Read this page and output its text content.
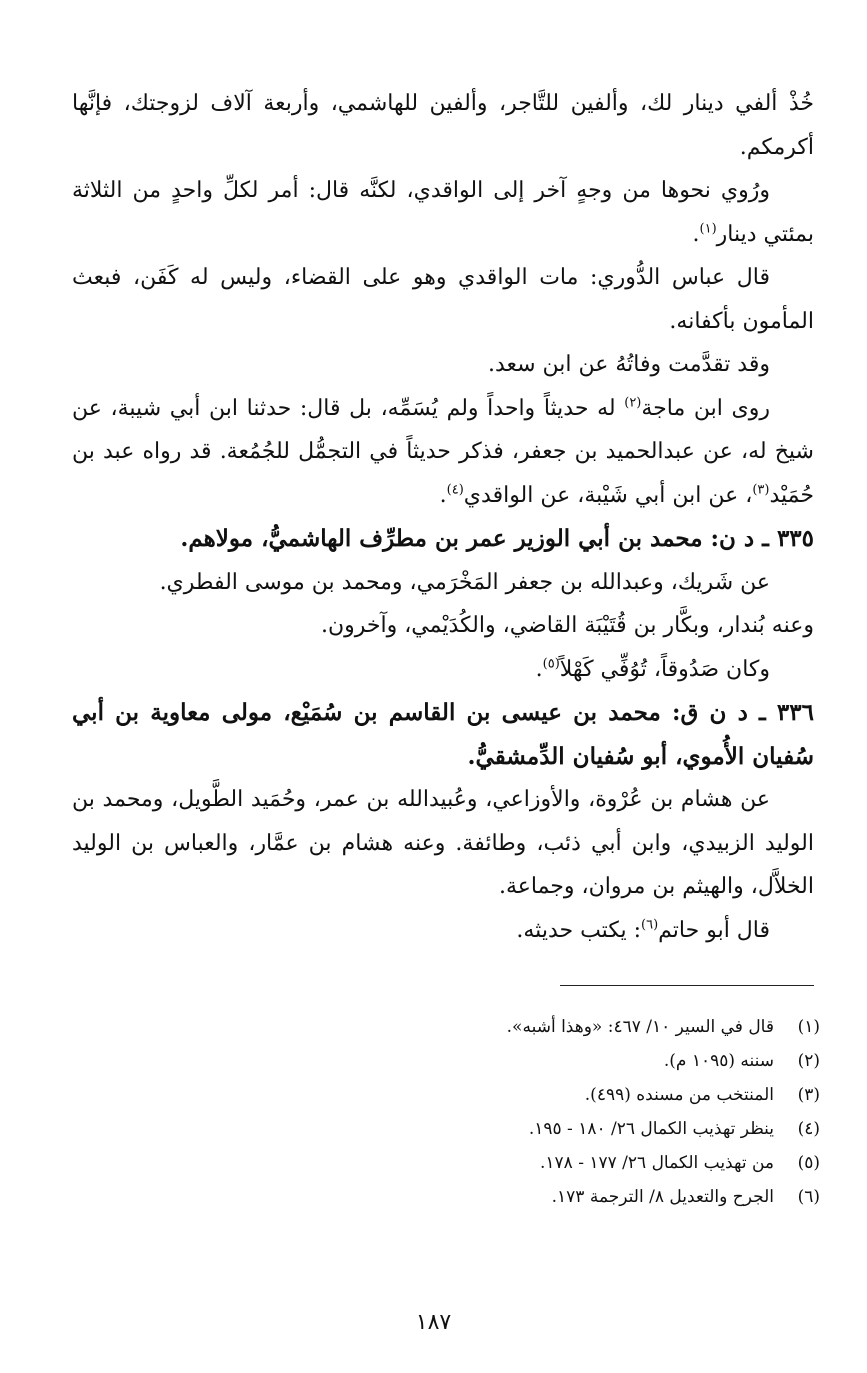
خُذْ ألفي دينار لك، وألفين للتَّاجر، وألفين للهاشمي، وأربعة آلاف لزوجتك، فإنَّها أكرمكم.

ورُوي نحوها من وجهٍ آخر إلى الواقدي، لكنَّه قال: أمر لكلِّ واحدٍ من الثلاثة بمئتي دينار$^{(١)}$.

قال عباس الدُّوري: مات الواقدي وهو على القضاء، وليس له كَفَن، فبعث المأمون بأكفانه.

وقد تقدَّمت وفاتُهُ عن ابن سعد.

روى ابن ماجة$^{(٢)}$ له حديثاً واحداً ولم يُسَمِّه، بل قال: حدثنا ابن أبي شيبة، عن شيخ له، عن عبدالحميد بن جعفر، فذكر حديثاً في التجمُّل للجُمُعة. قد رواه عبد بن حُمَيْد$^{(٣)}$، عن ابن أبي شَيْبة، عن الواقدي$^{(٤)}$.

٣٣٥ ـ د ن: محمد بن أبي الوزير عمر بن مطرِّف الهاشميُّ، مولاهم.

عن شَريك، وعبدالله بن جعفر المَخْرَمي، ومحمد بن موسى الفطري.

وعنه بُندار، وبكَّار بن قُتَيْبَة القاضي، والكُدَيْمي، وآخرون.

وكان صَدُوقاً، تُوُفِّي كَهْلاً$^{(٥)}$.

٣٣٦ ـ د ن ق: محمد بن عيسى بن القاسم بن سُمَيْع، مولى معاوية بن أبي سُفيان الأُموي، أبو سُفيان الدِّمشقيُّ.

عن هشام بن عُرْوة، والأوزاعي، وعُبيدالله بن عمر، وحُمَيد الطَّويل، ومحمد بن الوليد الزبيدي، وابن أبي ذئب، وطائفة. وعنه هشام بن عمَّار، والعباس بن الوليد الخلاَّل، والهيثم بن مروان، وجماعة.

قال أبو حاتم$^{(٦)}$: يكتب حديثه.

(١)
قال في السير ١٠/ ٤٦٧: «وهذا أشبه».
(٢)
سننه (١٠٩٥ م).
(٣)
المنتخب من مسنده (٤٩٩).
(٤)
ينظر تهذيب الكمال ٢٦/ ١٨٠ - ١٩٥.
(٥)
من تهذيب الكمال ٢٦/ ١٧٧ - ١٧٨.
(٦)
الجرح والتعديل ٨/ الترجمة ١٧٣.
١٨٧
